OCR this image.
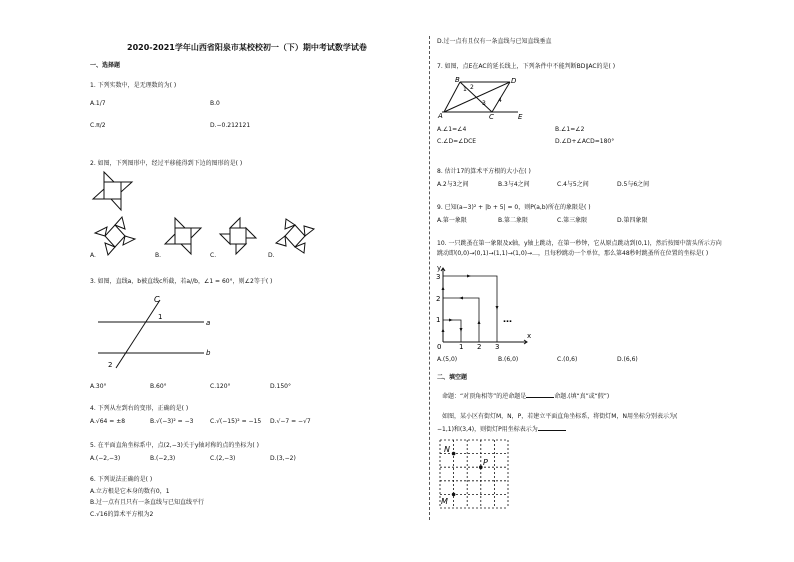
2020-2021学年山西省阳泉市某校校初一（下）期中考试数学试卷
一、选择题
1. 下列实数中，是无理数的为( )
A.1/7	B.0
C.π/2	D.−0.212121
2. 如图，下列图形中，经过平移能得到下边的图形的是( )
A.	B.	C.	D.
3. 如图，直线a，b被直线c所截，若a//b，∠1 = 60°，则∠2等于( )
C
1
a
b
2
A.30°	B.60°	C.120°	D.150°
4. 下列从左到右的变形，正确的是( )
A.√64 = ±8	B.√(−3)² = −3	C.√(−15)² = −15 D.√−7 = −√7
5. 在平面直角坐标系中，点(2,−3)关于y轴对称的点的坐标为( )
A.(−2,−3)	B.(−2,3)	C.(2,−3)	D.(3,−2)
6. 下列说法正确的是( )
A.立方根是它本身的数有0，1
B.过一点有且只有一条直线与已知直线平行
C.√16的算术平方根为2
D.过一点有且仅有一条直线与已知直线垂直
7. 如图，点E在AC的延长线上，下列条件中不能判断BD∥AC的是( )
B	D
A	C	E
1 2
3 4
A.∠1=∠4	B.∠1=∠2
C.∠D=∠DCE	D.∠D+∠ACD=180°
8. 估计17的算术平方根的大小在( )
A.2与3之间	B.3与4之间	C.4与5之间	D.5与6之间
9. 已知(a−3)² + |b + 5| = 0，则P(a,b)所在的象限是( )
A.第一象限	B.第二象限	C.第三象限	D.第四象限
10. 一只跳蚤在第一象限及x轴，y轴上跳动，在第一秒钟，它从原点跳动到(0,1)，然后按图中箭头所示方向
跳动即(0,0)→(0,1)→(1,1)→(1,0)→…，且每秒跳动一个单位，那么第48秒时跳蚤所在位置的坐标是( )
y
x
0	1 2 3
1
2
3
…
A.(5,0)	B.(6,0)	C.(0,6)	D.(6,6)
二、填空题
命题：“对顶角相等”的逆命题是	命题.(填“真”或“假”)
如图，某小区有街灯M，N，P，若建立平面直角坐标系，将街灯M，N用坐标分别表示为(
−1,1)和(3,4)，则街灯P用坐标表示为
N
P
M
